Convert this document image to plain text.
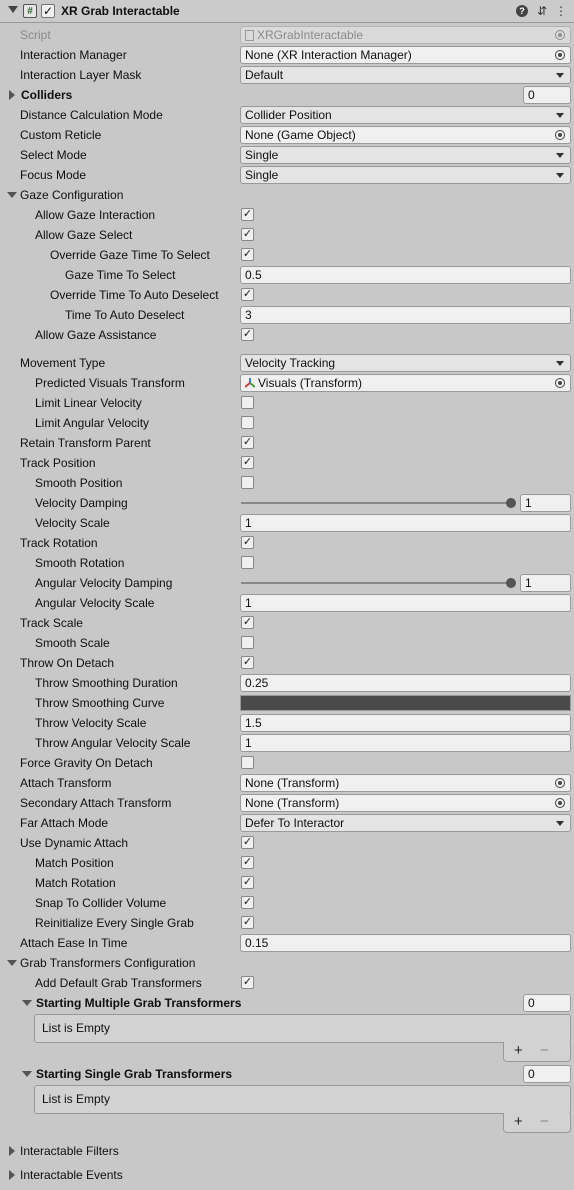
# ✓ XR Grab Interactable	? ⇵ ⋮
Script	XRGrabInteractable
Interaction Manager	None (XR Interaction Manager)
Interaction Layer Mask	Default
Colliders	0
Distance Calculation Mode	Collider Position
Custom Reticle	None (Game Object)
Select Mode	Single
Focus Mode	Single
Gaze Configuration
Allow Gaze Interaction	✓
Allow Gaze Select	✓
Override Gaze Time To Select	✓
Gaze Time To Select	0.5
Override Time To Auto Deselect ✓
Time To Auto Deselect	3
Allow Gaze Assistance	✓
Movement Type	Velocity Tracking
Predicted Visuals Transform	Visuals (Transform)
Limit Linear Velocity
Limit Angular Velocity
Retain Transform Parent	✓
Track Position	✓
Smooth Position
Velocity Damping	1
Velocity Scale	1
Track Rotation	✓
Smooth Rotation
Angular Velocity Damping	1
Angular Velocity Scale	1
Track Scale	✓
Smooth Scale
Throw On Detach	✓
Throw Smoothing Duration	0.25
Throw Smoothing Curve
Throw Velocity Scale	1.5
Throw Angular Velocity Scale	1
Force Gravity On Detach
Attach Transform	None (Transform)
Secondary Attach Transform	None (Transform)
Far Attach Mode	Defer To Interactor
Use Dynamic Attach	✓
Match Position	✓
Match Rotation	✓
Snap To Collider Volume	✓
Reinitialize Every Single Grab	✓
Attach Ease In Time	0.15
Grab Transformers Configuration
Add Default Grab Transformers	✓
Starting Multiple Grab Transformers	0
List is Empty
+ −
Starting Single Grab Transformers	0
List is Empty
+ −
Interactable Filters
Interactable Events
